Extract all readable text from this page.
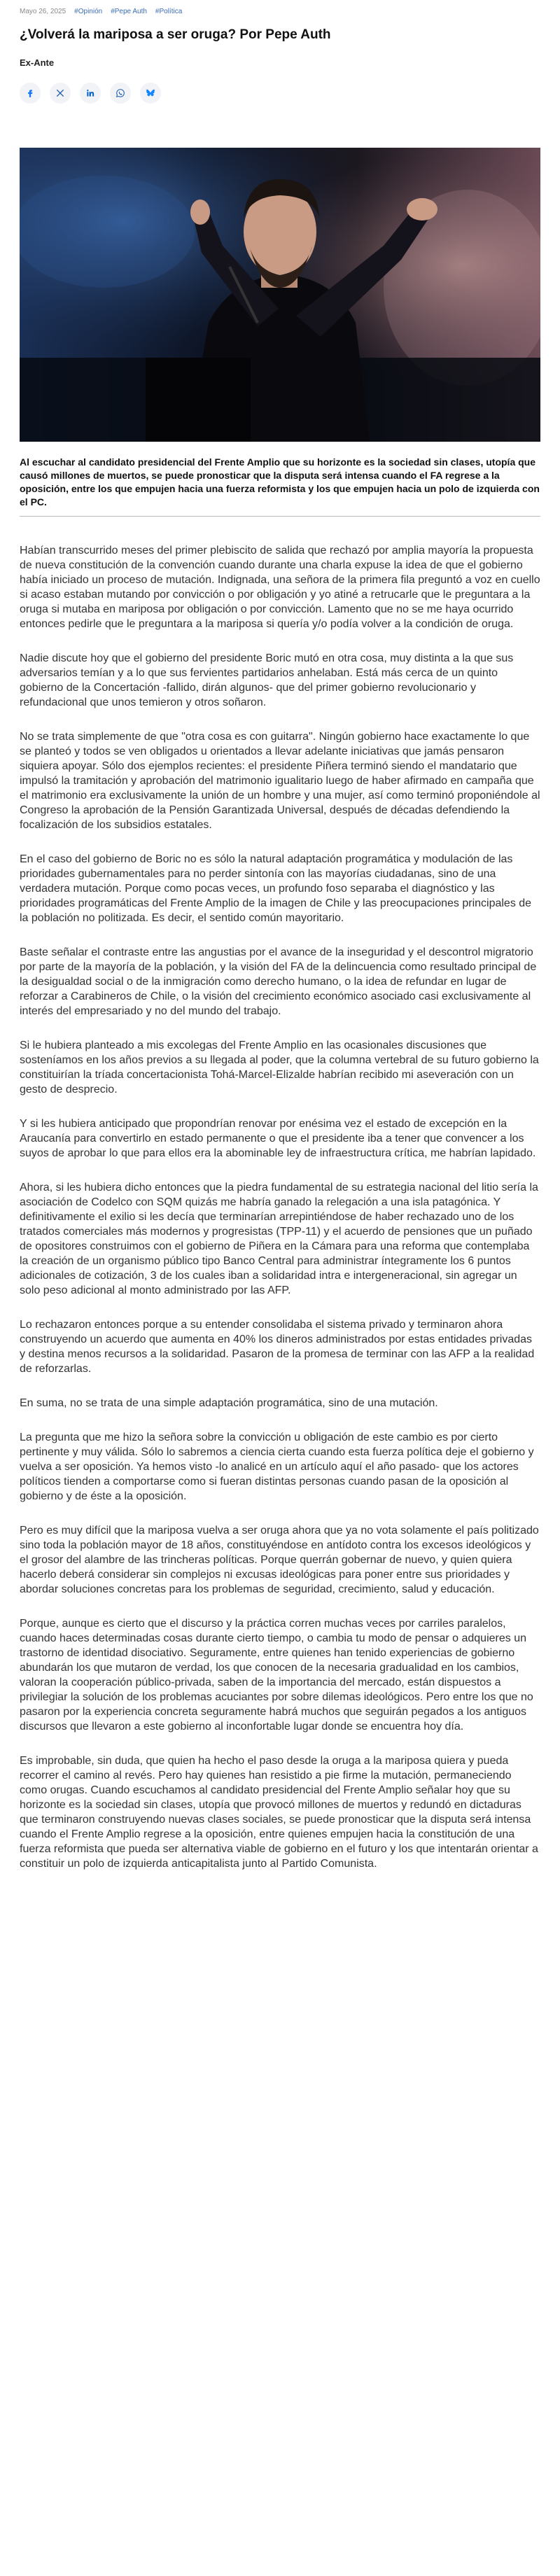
Mayo 26, 2025 #Opinión #Pepe Auth #Política
¿Volverá la mariposa a ser oruga? Por Pepe Auth
Ex-Ante
Al escuchar al candidato presidencial del Frente Amplio que su horizonte es la sociedad sin clases, utopía que causó millones de muertos, se puede pronosticar que la disputa será intensa cuando el FA regrese a la oposición, entre los que empujen hacia una fuerza reformista y los que empujen hacia un polo de izquierda con el PC.

Habían transcurrido meses del primer plebiscito de salida que rechazó por amplia mayoría la propuesta de nueva constitución de la convención cuando durante una charla expuse la idea de que el gobierno había iniciado un proceso de mutación. Indignada, una señora de la primera fila preguntó a voz en cuello si acaso estaban mutando por convicción o por obligación y yo atiné a retrucarle que le preguntara a la oruga si mutaba en mariposa por obligación o por convicción. Lamento que no se me haya ocurrido entonces pedirle que le preguntara a la mariposa si quería y/o podía volver a la condición de oruga.

Nadie discute hoy que el gobierno del presidente Boric mutó en otra cosa, muy distinta a la que sus adversarios temían y a lo que sus fervientes partidarios anhelaban. Está más cerca de un quinto gobierno de la Concertación -fallido, dirán algunos- que del primer gobierno revolucionario y refundacional que unos temieron y otros soñaron.

No se trata simplemente de que "otra cosa es con guitarra". Ningún gobierno hace exactamente lo que se planteó y todos se ven obligados u orientados a llevar adelante iniciativas que jamás pensaron siquiera apoyar. Sólo dos ejemplos recientes: el presidente Piñera terminó siendo el mandatario que impulsó la tramitación y aprobación del matrimonio igualitario luego de haber afirmado en campaña que el matrimonio era exclusivamente la unión de un hombre y una mujer, así como terminó proponiéndole al Congreso la aprobación de la Pensión Garantizada Universal, después de décadas defendiendo la focalización de los subsidios estatales.

En el caso del gobierno de Boric no es sólo la natural adaptación programática y modulación de las prioridades gubernamentales para no perder sintonía con las mayorías ciudadanas, sino de una verdadera mutación. Porque como pocas veces, un profundo foso separaba el diagnóstico y las prioridades programáticas del Frente Amplio de la imagen de Chile y las preocupaciones principales de la población no politizada. Es decir, el sentido común mayoritario.

Baste señalar el contraste entre las angustias por el avance de la inseguridad y el descontrol migratorio por parte de la mayoría de la población, y la visión del FA de la delincuencia como resultado principal de la desigualdad social o de la inmigración como derecho humano, o la idea de refundar en lugar de reforzar a Carabineros de Chile, o la visión del crecimiento económico asociado casi exclusivamente al interés del empresariado y no del mundo del trabajo.

Si le hubiera planteado a mis excolegas del Frente Amplio en las ocasionales discusiones que sosteníamos en los años previos a su llegada al poder, que la columna vertebral de su futuro gobierno la constituirían la tríada concertacionista Tohá-Marcel-Elizalde habrían recibido mi aseveración con un gesto de desprecio.

Y si les hubiera anticipado que propondrían renovar por enésima vez el estado de excepción en la Araucanía para convertirlo en estado permanente o que el presidente iba a tener que convencer a los suyos de aprobar lo que para ellos era la abominable ley de infraestructura crítica, me habrían lapidado.

Ahora, si les hubiera dicho entonces que la piedra fundamental de su estrategia nacional del litio sería la asociación de Codelco con SQM quizás me habría ganado la relegación a una isla patagónica. Y definitivamente el exilio si les decía que terminarían arrepintiéndose de haber rechazado uno de los tratados comerciales más modernos y progresistas (TPP-11) y el acuerdo de pensiones que un puñado de opositores construimos con el gobierno de Piñera en la Cámara para una reforma que contemplaba la creación de un organismo público tipo Banco Central para administrar íntegramente los 6 puntos adicionales de cotización, 3 de los cuales iban a solidaridad intra e intergeneracional, sin agregar un solo peso adicional al monto administrado por las AFP.

Lo rechazaron entonces porque a su entender consolidaba el sistema privado y terminaron ahora construyendo un acuerdo que aumenta en 40% los dineros administrados por estas entidades privadas y destina menos recursos a la solidaridad. Pasaron de la promesa de terminar con las AFP a la realidad de reforzarlas.

En suma, no se trata de una simple adaptación programática, sino de una mutación.

La pregunta que me hizo la señora sobre la convicción u obligación de este cambio es por cierto pertinente y muy válida. Sólo lo sabremos a ciencia cierta cuando esta fuerza política deje el gobierno y vuelva a ser oposición. Ya hemos visto -lo analicé en un artículo aquí el año pasado- que los actores políticos tienden a comportarse como si fueran distintas personas cuando pasan de la oposición al gobierno y de éste a la oposición.

Pero es muy difícil que la mariposa vuelva a ser oruga ahora que ya no vota solamente el país politizado sino toda la población mayor de 18 años, constituyéndose en antídoto contra los excesos ideológicos y el grosor del alambre de las trincheras políticas. Porque querrán gobernar de nuevo, y quien quiera hacerlo deberá considerar sin complejos ni excusas ideológicas para poner entre sus prioridades y abordar soluciones concretas para los problemas de seguridad, crecimiento, salud y educación.

Porque, aunque es cierto que el discurso y la práctica corren muchas veces por carriles paralelos, cuando haces determinadas cosas durante cierto tiempo, o cambia tu modo de pensar o adquieres un trastorno de identidad disociativo. Seguramente, entre quienes han tenido experiencias de gobierno abundarán los que mutaron de verdad, los que conocen de la necesaria gradualidad en los cambios, valoran la cooperación público-privada, saben de la importancia del mercado, están dispuestos a privilegiar la solución de los problemas acuciantes por sobre dilemas ideológicos. Pero entre los que no pasaron por la experiencia concreta seguramente habrá muchos que seguirán pegados a los antiguos discursos que llevaron a este gobierno al inconfortable lugar donde se encuentra hoy día.

Es improbable, sin duda, que quien ha hecho el paso desde la oruga a la mariposa quiera y pueda recorrer el camino al revés. Pero hay quienes han resistido a pie firme la mutación, permaneciendo como orugas. Cuando escuchamos al candidato presidencial del Frente Amplio señalar hoy que su horizonte es la sociedad sin clases, utopía que provocó millones de muertos y redundó en dictaduras que terminaron construyendo nuevas clases sociales, se puede pronosticar que la disputa será intensa cuando el Frente Amplio regrese a la oposición, entre quienes empujen hacia la constitución de una fuerza reformista que pueda ser alternativa viable de gobierno en el futuro y los que intentarán orientar a constituir un polo de izquierda anticapitalista junto al Partido Comunista.
